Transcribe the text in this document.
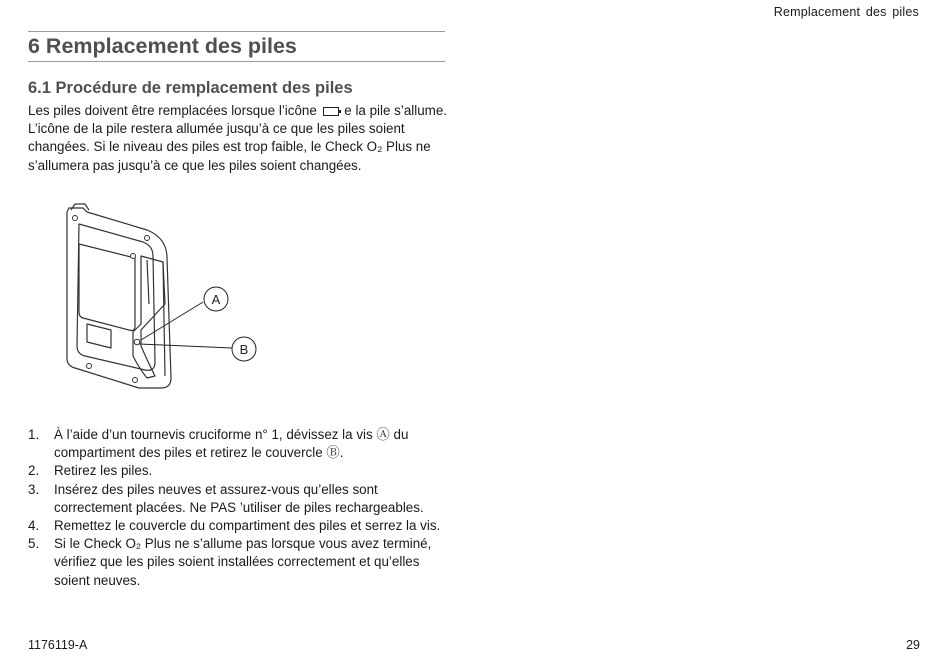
Remplacement des piles
6 Remplacement des piles
6.1 Procédure de remplacement des piles

Les piles doivent être remplacées lorsque l’icône e la pile s’allume. L’icône de la pile restera allumée jusqu’à ce que les piles soient changées. Si le niveau des piles est trop faible, le Check O₂ Plus ne s’allumera pas jusqu’à ce que les piles soient changées.

A
B
1. À l’aide d’un tournevis cruciforme n° 1, dévissez la vis Ⓐ du compartiment des piles et retirez le couvercle Ⓑ.
2. Retirez les piles.
3. Insérez des piles neuves et assurez-vous qu’elles sont correctement placées. Ne PAS ’utiliser de piles rechargeables.
4. Remettez le couvercle du compartiment des piles et serrez la vis.
5. Si le Check O₂ Plus ne s’allume pas lorsque vous avez terminé, vérifiez que les piles soient installées correctement et qu’elles soient neuves.
1176119-A	29
